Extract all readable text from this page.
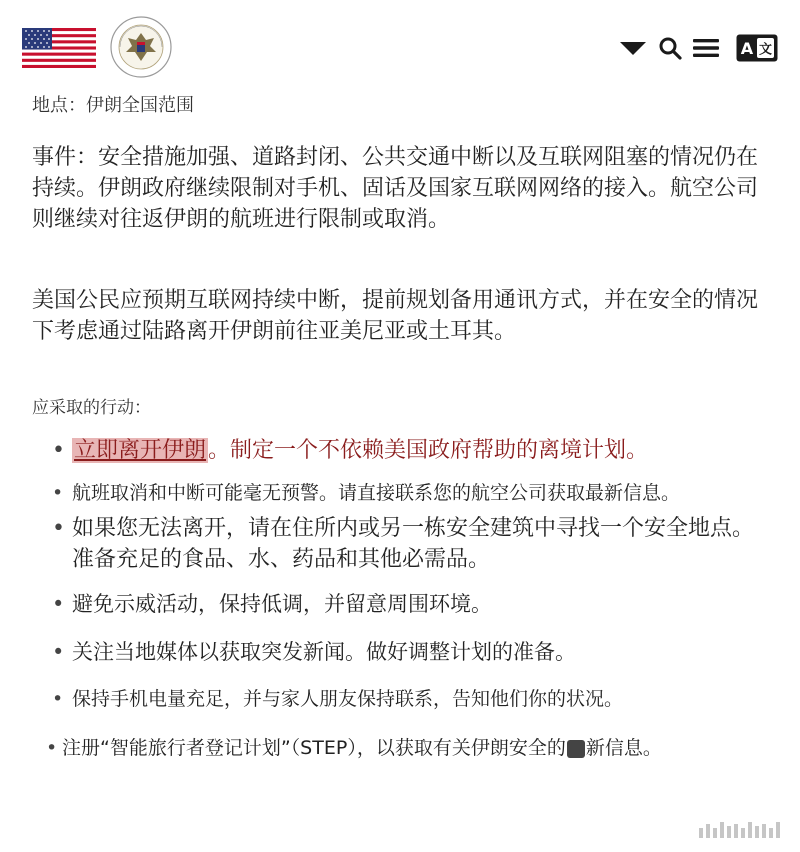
A 文

地点：伊朗全国范围

事件：安全措施加强、道路封闭、公共交通中断以及互联网阻塞的情况仍在持续。伊朗政府继续限制对手机、固话及国家互联网网络的接入。航空公司则继续对往返伊朗的航班进行限制或取消。

美国公民应预期互联网持续中断，提前规划备用通讯方式，并在安全的情况下考虑通过陆路离开伊朗前往亚美尼亚或土耳其。

应采取的行动：

• 立即离开伊朗。制定一个不依赖美国政府帮助的离境计划。
• 航班取消和中断可能毫无预警。请直接联系您的航空公司获取最新信息。
• 如果您无法离开，请在住所内或另一栋安全建筑中寻找一个安全地点。准备充足的食品、水、药品和其他必需品。
• 避免示威活动，保持低调，并留意周围环境。
• 关注当地媒体以获取突发新闻。做好调整计划的准备。
• 保持手机电量充足，并与家人朋友保持联系，告知他们你的状况。
• 注册“智能旅行者登记计划”（STEP），以获取有关伊朗安全的 新信息。
